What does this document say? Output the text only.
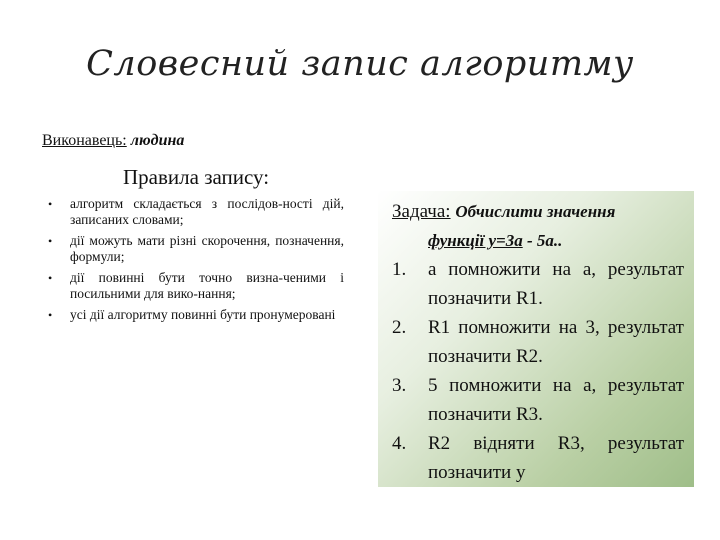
Словесний запис алгоритму
Виконавець: людина
Правила запису:
• алгоритм складається з послідов-ності дій, записаних словами;
• дії можуть мати різні скорочення, позначення, формули;
• дії повинні бути точно визна-ченими і посильними для вико-нання;
• усі дії алгоритму повинні бути пронумеровані
Задача: Обчислити значення
функції y=3a - 5a..
1. а помножити на а, результат позначити R1.
2. R1 помножити на 3, результат позначити R2.
3. 5 помножити на а, результат позначити R3.
4. R2 відняти R3, результат позначити у
